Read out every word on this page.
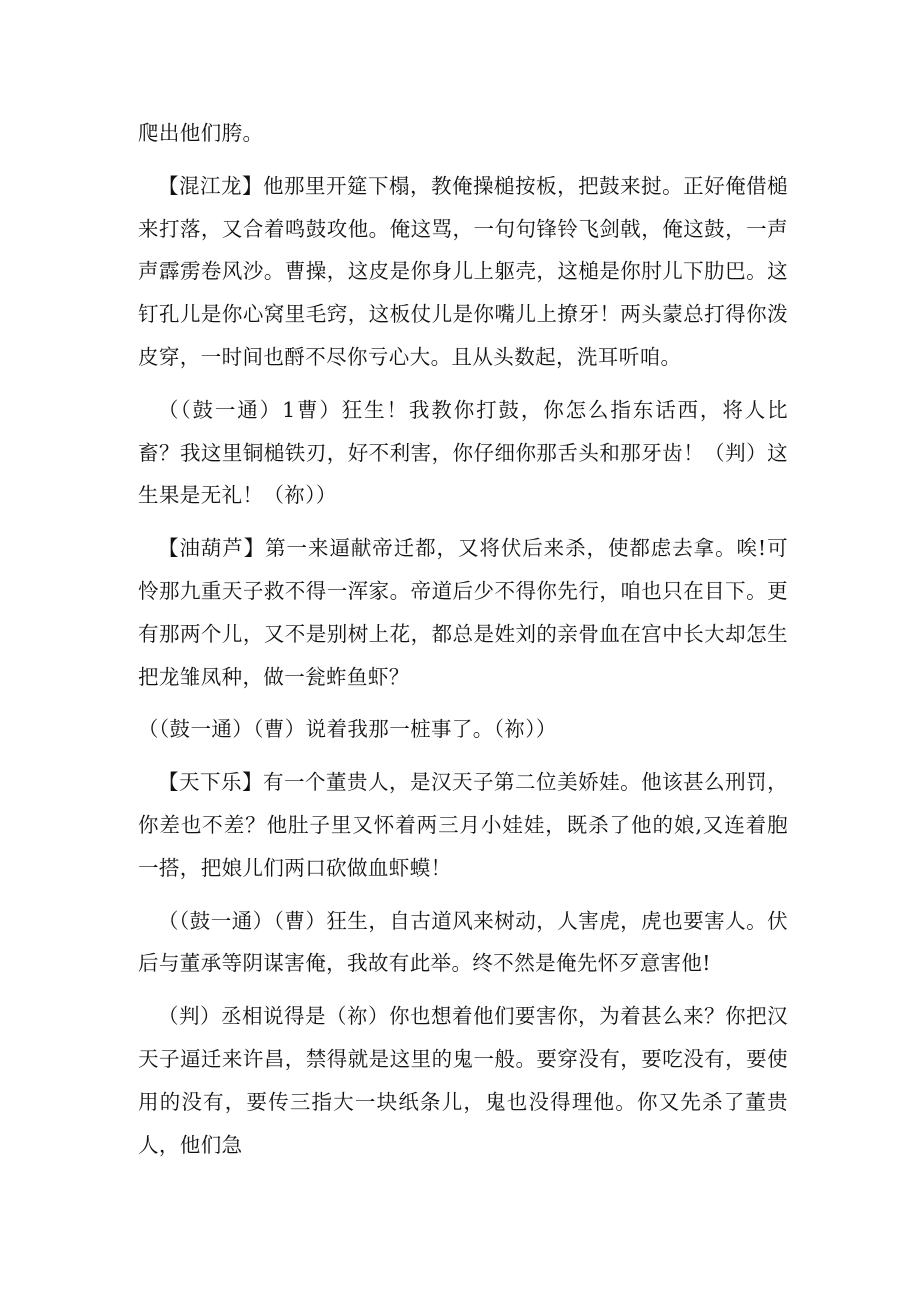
爬出他们胯。

【混江龙】他那里开筵下榻，教俺操槌按板，把鼓来挝。正好俺借槌来打落，又合着鸣鼓攻他。俺这骂，一句句锋铃飞剑戟，俺这鼓，一声声霹雳卷风沙。曹操，这皮是你身儿上躯壳，这槌是你肘儿下肋巴。这钉孔儿是你心窝里毛窍，这板仗儿是你嘴儿上撩牙！两头蒙总打得你泼皮穿，一时间也酹不尽你亏心大。且从头数起，洗耳听咱。

（（鼓一通）1曹）狂生！我教你打鼓，你怎么指东话西，将人比畜？我这里铜槌铁刃，好不利害，你仔细你那舌头和那牙齿！（判）这生果是无礼！（祢））

【油葫芦】第一来逼献帝迁都，又将伏后来杀，使都虑去拿。唉!可怜那九重天子救不得一浑家。帝道后少不得你先行，咱也只在目下。更有那两个儿，又不是别树上花，都总是姓刘的亲骨血在宫中长大却怎生把龙雏凤种，做一瓮蚱鱼虾？

（（鼓一通）（曹）说着我那一桩事了。（祢））

【天下乐】有一个董贵人，是汉天子第二位美娇娃。他该甚么刑罚，你差也不差？他肚子里又怀着两三月小娃娃，既杀了他的娘,又连着胞一搭，把娘儿们两口砍做血虾蟆！

（（鼓一通）（曹）狂生，自古道风来树动，人害虎，虎也要害人。伏后与董承等阴谋害俺，我故有此举。终不然是俺先怀歹意害他!

（判）丞相说得是（祢）你也想着他们要害你，为着甚么来？你把汉天子逼迁来许昌，禁得就是这里的鬼一般。要穿没有，要吃没有，要使用的没有，要传三指大一块纸条儿，鬼也没得理他。你又先杀了董贵人，他们急
